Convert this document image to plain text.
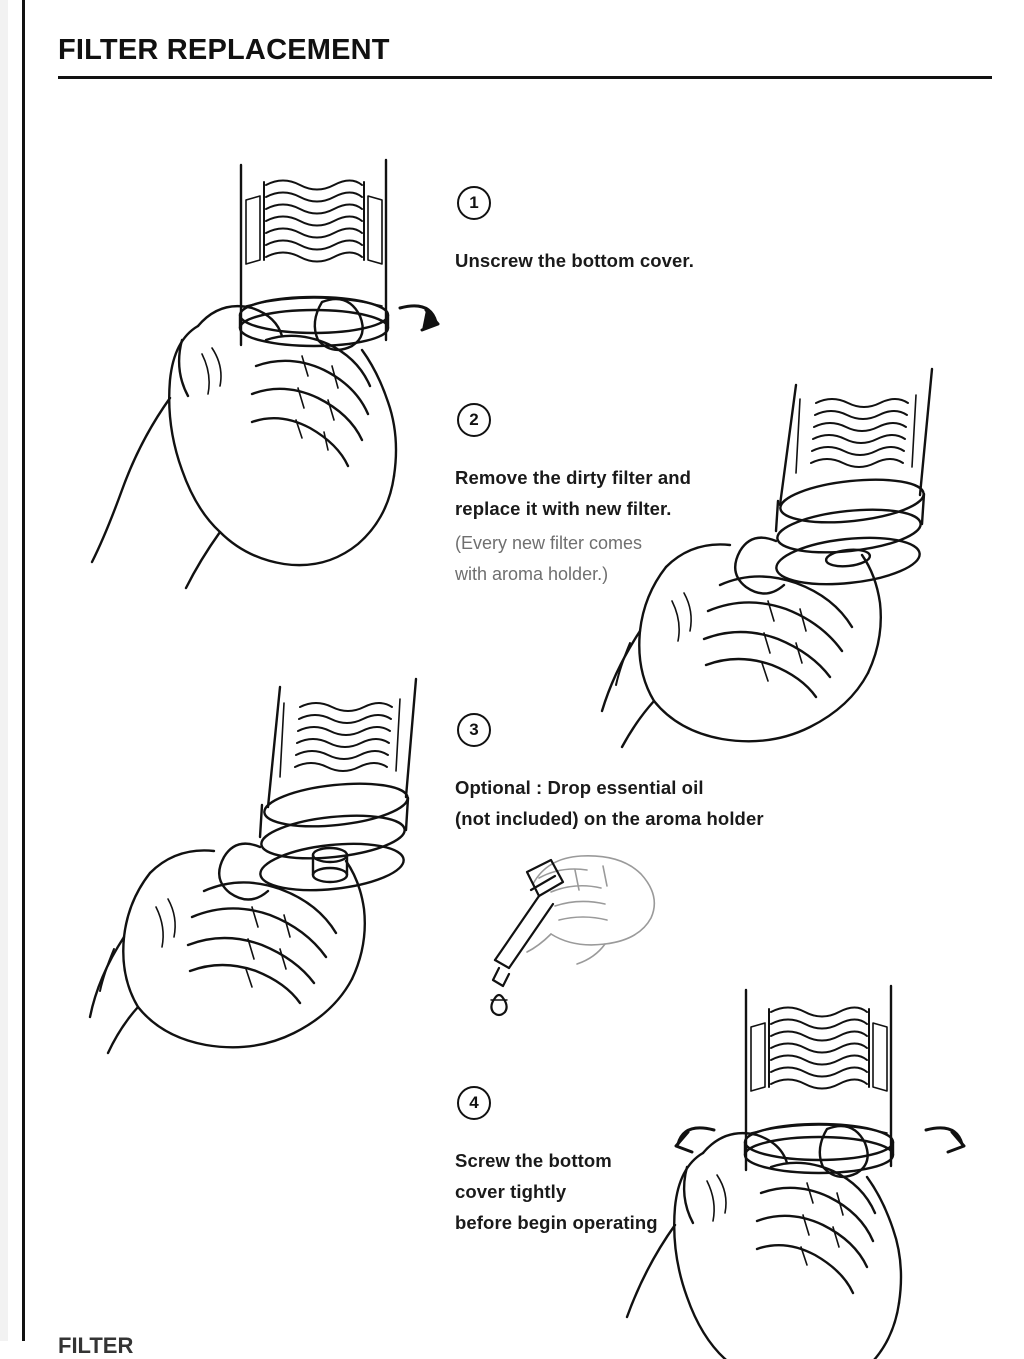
FILTER REPLACEMENT
1
Unscrew the bottom cover.
2
Remove the dirty filter and
replace it with new filter.
(Every new filter comes
with aroma holder.)
3
Optional : Drop essential oil
(not included) on the aroma holder
4
Screw the bottom
cover tightly
before begin operating
FILTER
